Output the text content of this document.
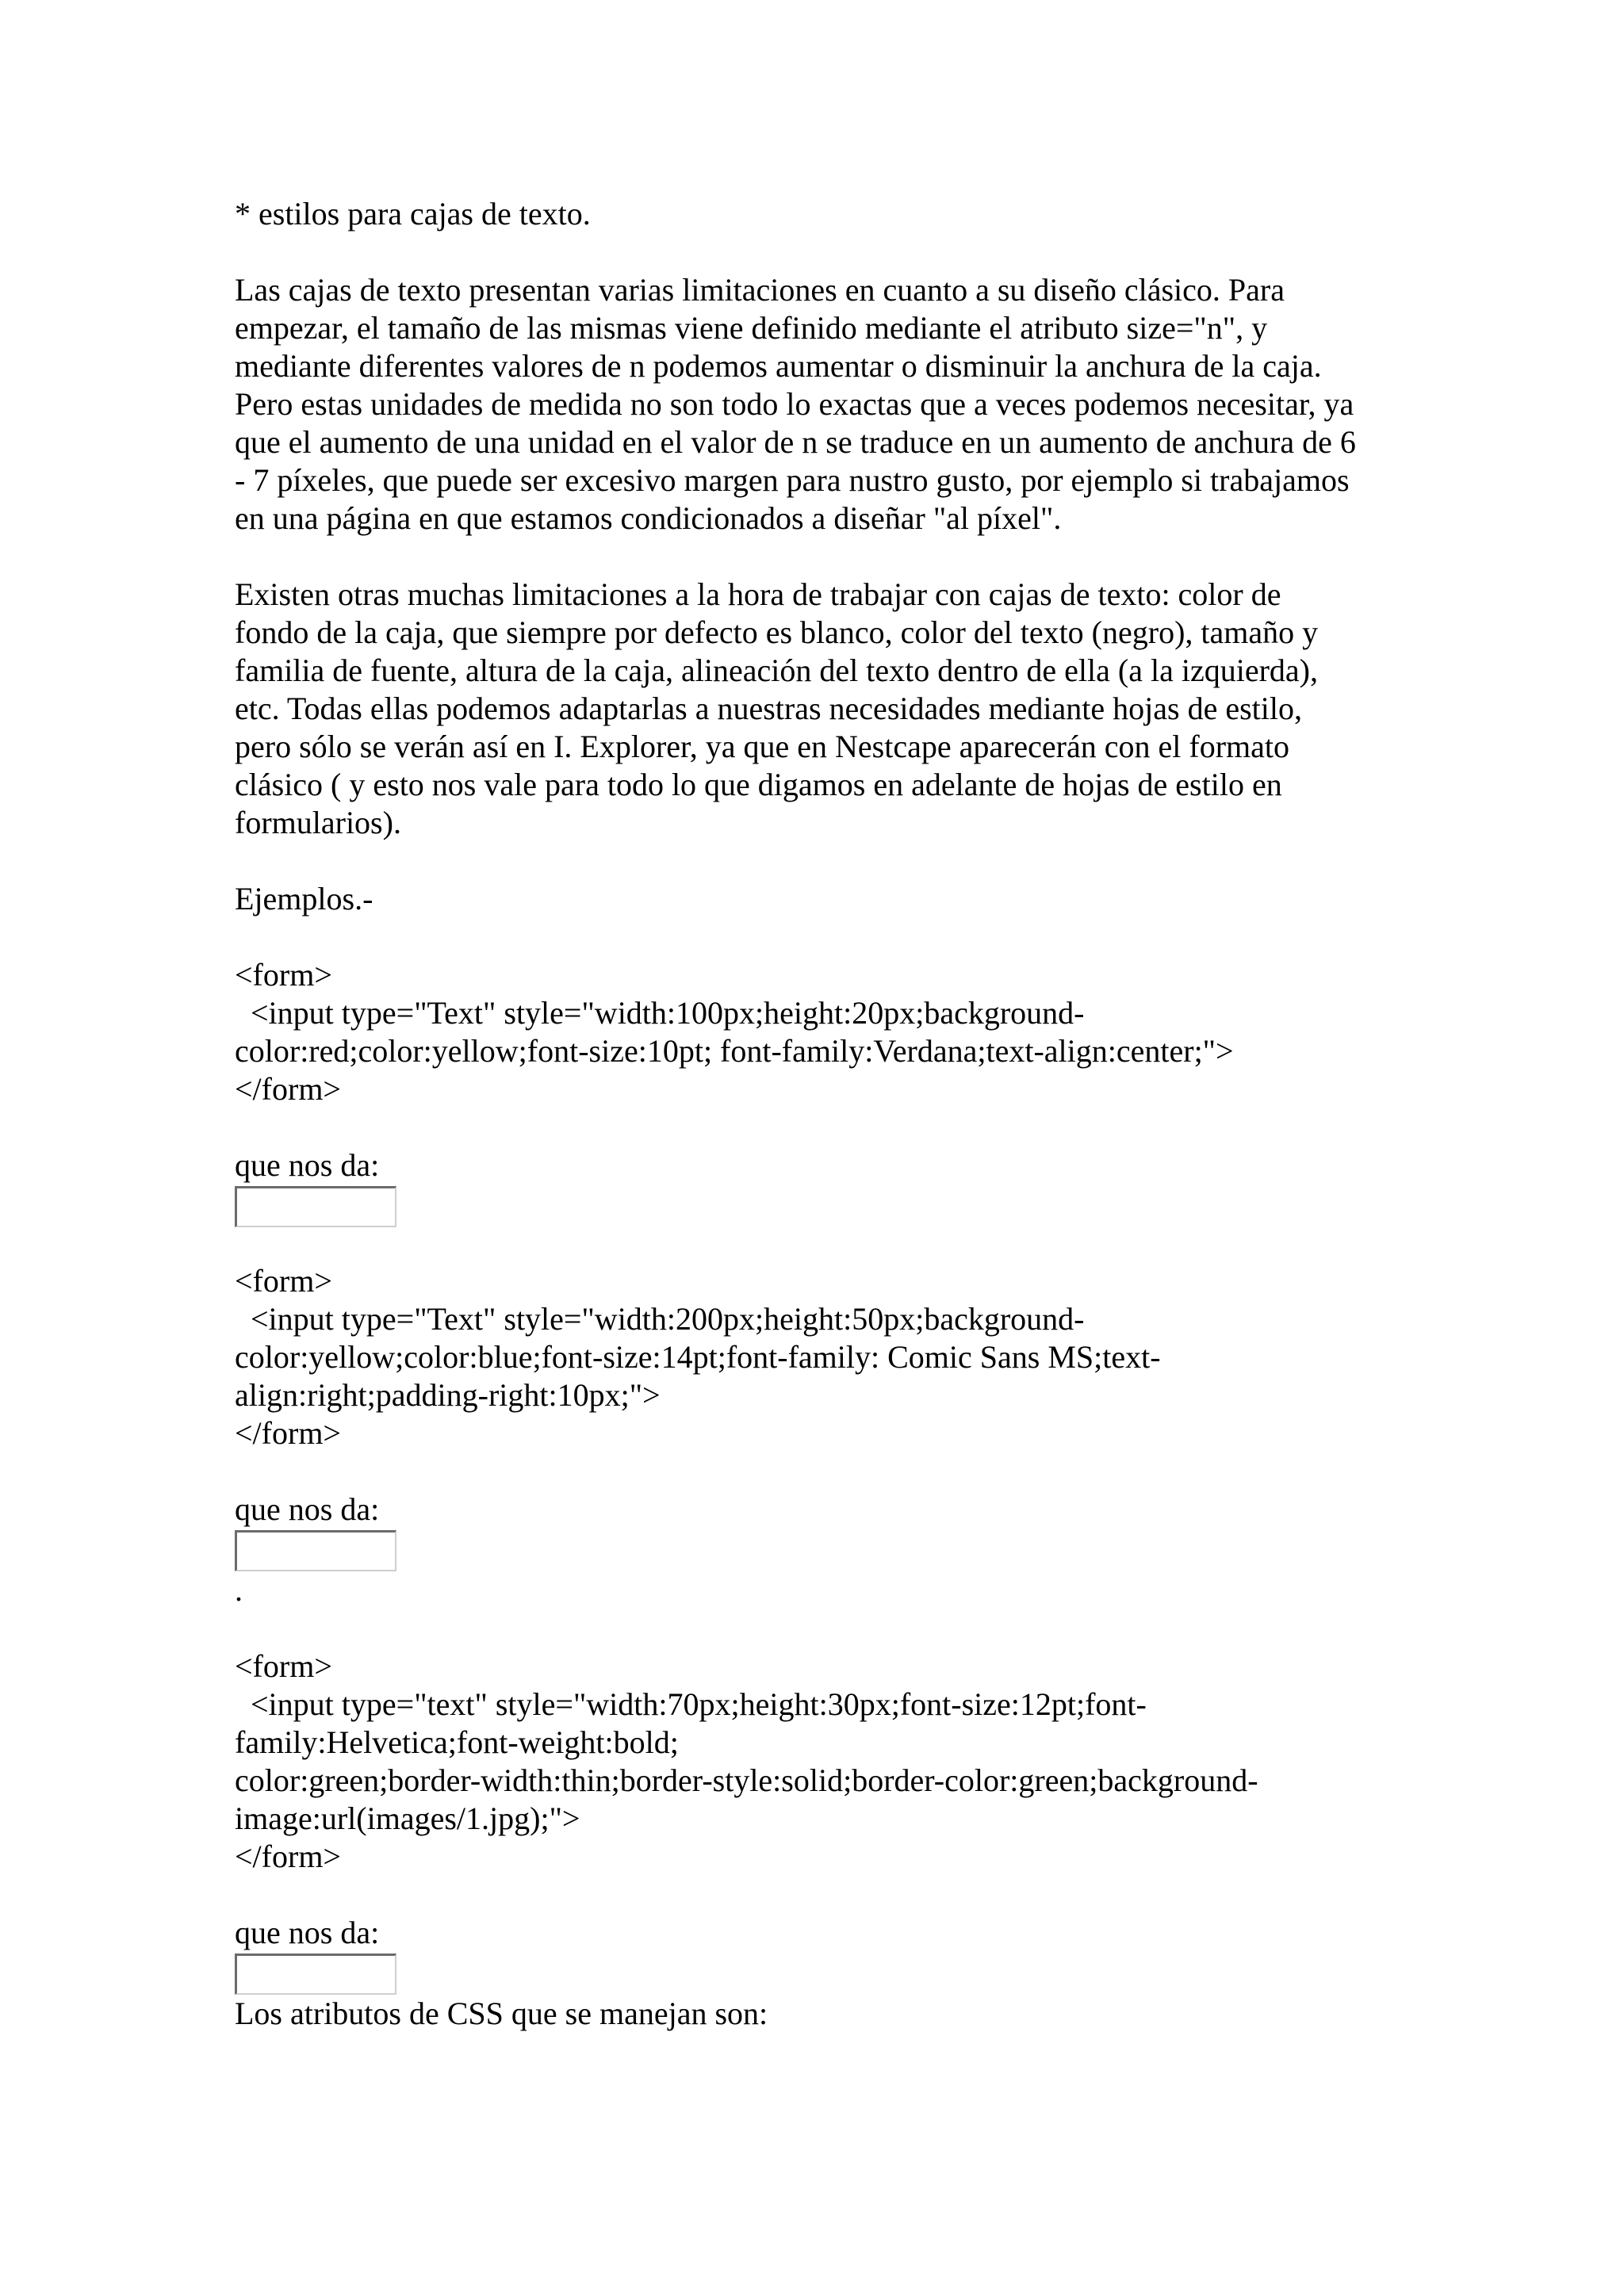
* estilos para cajas de texto.
Las cajas de texto presentan varias limitaciones en cuanto a su diseño clásico. Para
empezar, el tamaño de las mismas viene definido mediante el atributo size="n", y
mediante diferentes valores de n podemos aumentar o disminuir la anchura de la caja.
Pero estas unidades de medida no son todo lo exactas que a veces podemos necesitar, ya
que el aumento de una unidad en el valor de n se traduce en un aumento de anchura de 6
- 7 píxeles, que puede ser excesivo margen para nustro gusto, por ejemplo si trabajamos
en una página en que estamos condicionados a diseñar "al píxel".
Existen otras muchas limitaciones a la hora de trabajar con cajas de texto: color de
fondo de la caja, que siempre por defecto es blanco, color del texto (negro), tamaño y
familia de fuente, altura de la caja, alineación del texto dentro de ella (a la izquierda),
etc. Todas ellas podemos adaptarlas a nuestras necesidades mediante hojas de estilo,
pero sólo se verán así en I. Explorer, ya que en Nestcape aparecerán con el formato
clásico ( y esto nos vale para todo lo que digamos en adelante de hojas de estilo en
formularios).
Ejemplos.-
<form>
<input type="Text" style="width:100px;height:20px;background-
color:red;color:yellow;font-size:10pt; font-family:Verdana;text-align:center;">
</form>
que nos da:
<form>
<input type="Text" style="width:200px;height:50px;background-
color:yellow;color:blue;font-size:14pt;font-family: Comic Sans MS;text-
align:right;padding-right:10px;">
</form>
que nos da:
.
<form>
<input type="text" style="width:70px;height:30px;font-size:12pt;font-
family:Helvetica;font-weight:bold;
color:green;border-width:thin;border-style:solid;border-color:green;background-
image:url(images/1.jpg);">
</form>
que nos da:
Los atributos de CSS que se manejan son:
